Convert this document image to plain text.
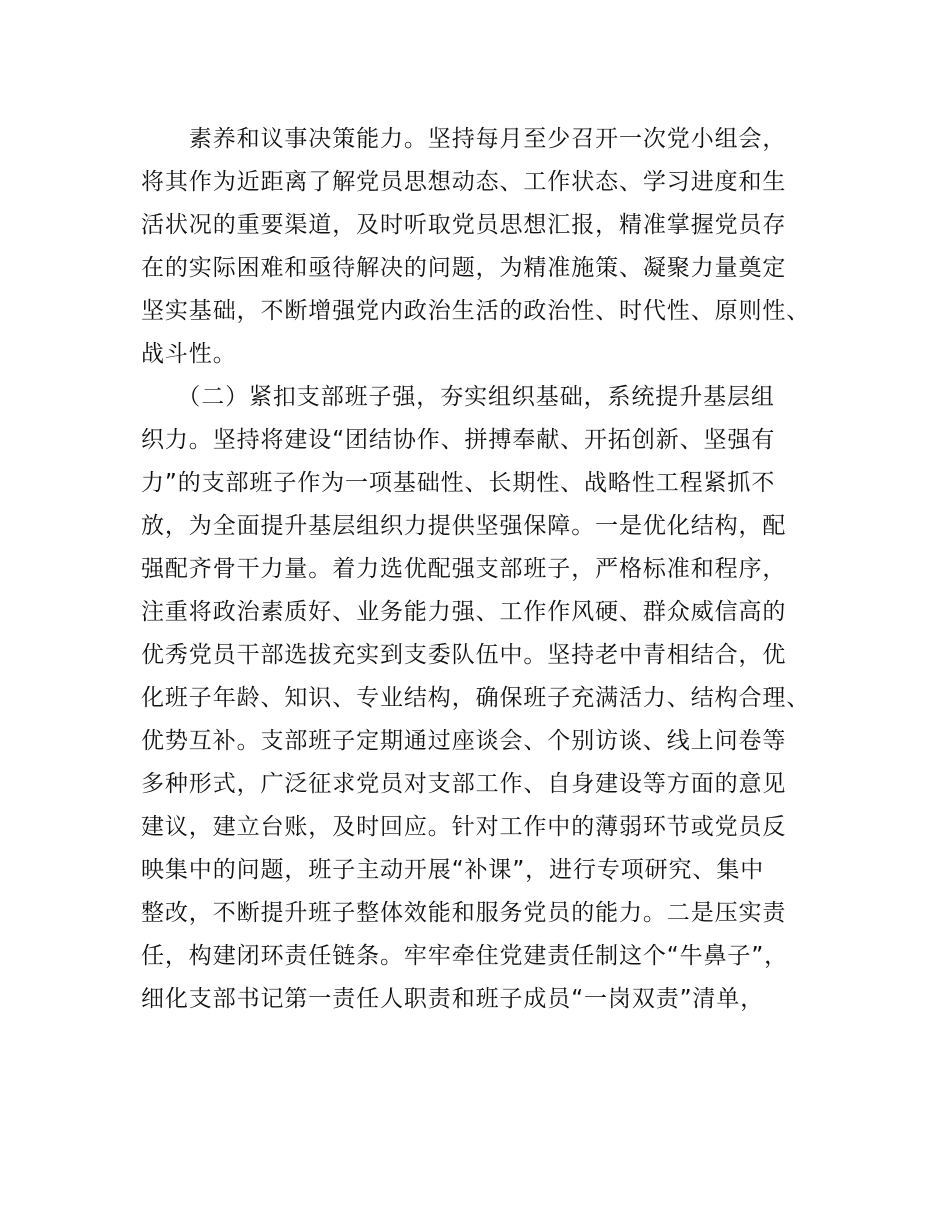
　　素养和议事决策能力。坚持每月至少召开一次党小组会，
将其作为近距离了解党员思想动态、工作状态、学习进度和生
活状况的重要渠道，及时听取党员思想汇报，精准掌握党员存
在的实际困难和亟待解决的问题，为精准施策、凝聚力量奠定
坚实基础，不断增强党内政治生活的政治性、时代性、原则性、
战斗性。
　　（二）紧扣支部班子强，夯实组织基础，系统提升基层组
织力。坚持将建设“团结协作、拼搏奉献、开拓创新、坚强有
力”的支部班子作为一项基础性、长期性、战略性工程紧抓不
放，为全面提升基层组织力提供坚强保障。一是优化结构，配
强配齐骨干力量。着力选优配强支部班子，严格标准和程序，
注重将政治素质好、业务能力强、工作作风硬、群众威信高的
优秀党员干部选拔充实到支委队伍中。坚持老中青相结合，优
化班子年龄、知识、专业结构，确保班子充满活力、结构合理、
优势互补。支部班子定期通过座谈会、个别访谈、线上问卷等
多种形式，广泛征求党员对支部工作、自身建设等方面的意见
建议，建立台账，及时回应。针对工作中的薄弱环节或党员反
映集中的问题，班子主动开展“补课”，进行专项研究、集中
整改，不断提升班子整体效能和服务党员的能力。二是压实责
任，构建闭环责任链条。牢牢牵住党建责任制这个“牛鼻子”，
细化支部书记第一责任人职责和班子成员“一岗双责”清单，
